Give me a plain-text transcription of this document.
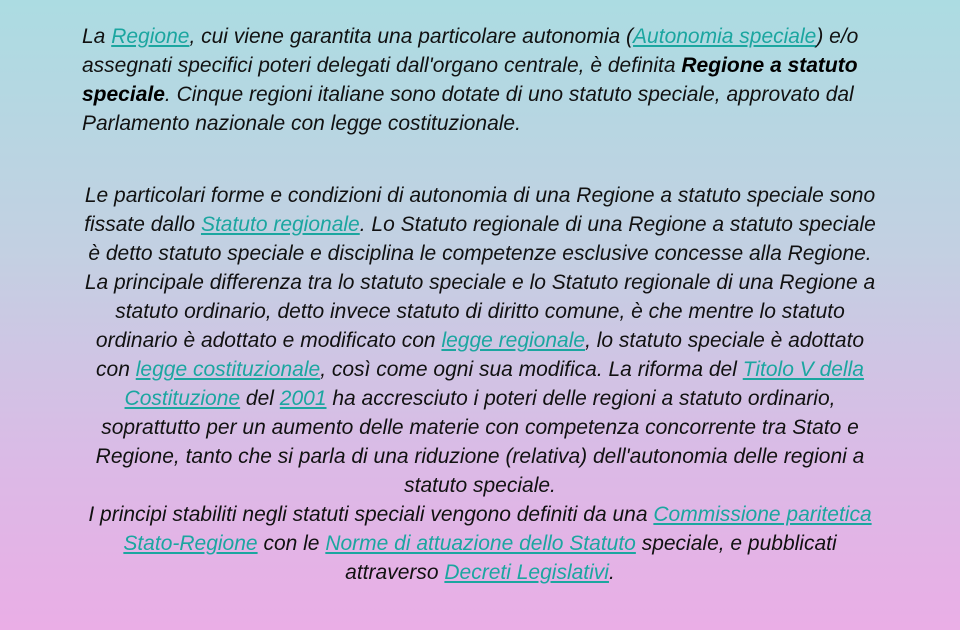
La Regione, cui viene garantita una particolare autonomia (Autonomia speciale) e/o assegnati specifici poteri delegati dall'organo centrale, è definita Regione a statuto speciale. Cinque regioni italiane sono dotate di uno statuto speciale, approvato dal Parlamento nazionale con legge costituzionale.

Le particolari forme e condizioni di autonomia di una Regione a statuto speciale sono fissate dallo Statuto regionale. Lo Statuto regionale di una Regione a statuto speciale è detto statuto speciale e disciplina le competenze esclusive concesse alla Regione.
La principale differenza tra lo statuto speciale e lo Statuto regionale di una Regione a statuto ordinario, detto invece statuto di diritto comune, è che mentre lo statuto ordinario è adottato e modificato con legge regionale, lo statuto speciale è adottato con legge costituzionale, così come ogni sua modifica. La riforma del Titolo V della Costituzione del 2001 ha accresciuto i poteri delle regioni a statuto ordinario, soprattutto per un aumento delle materie con competenza concorrente tra Stato e Regione, tanto che si parla di una riduzione (relativa) dell'autonomia delle regioni a statuto speciale.
I principi stabiliti negli statuti speciali vengono definiti da una Commissione paritetica Stato-Regione con le Norme di attuazione dello Statuto speciale, e pubblicati attraverso Decreti Legislativi.
